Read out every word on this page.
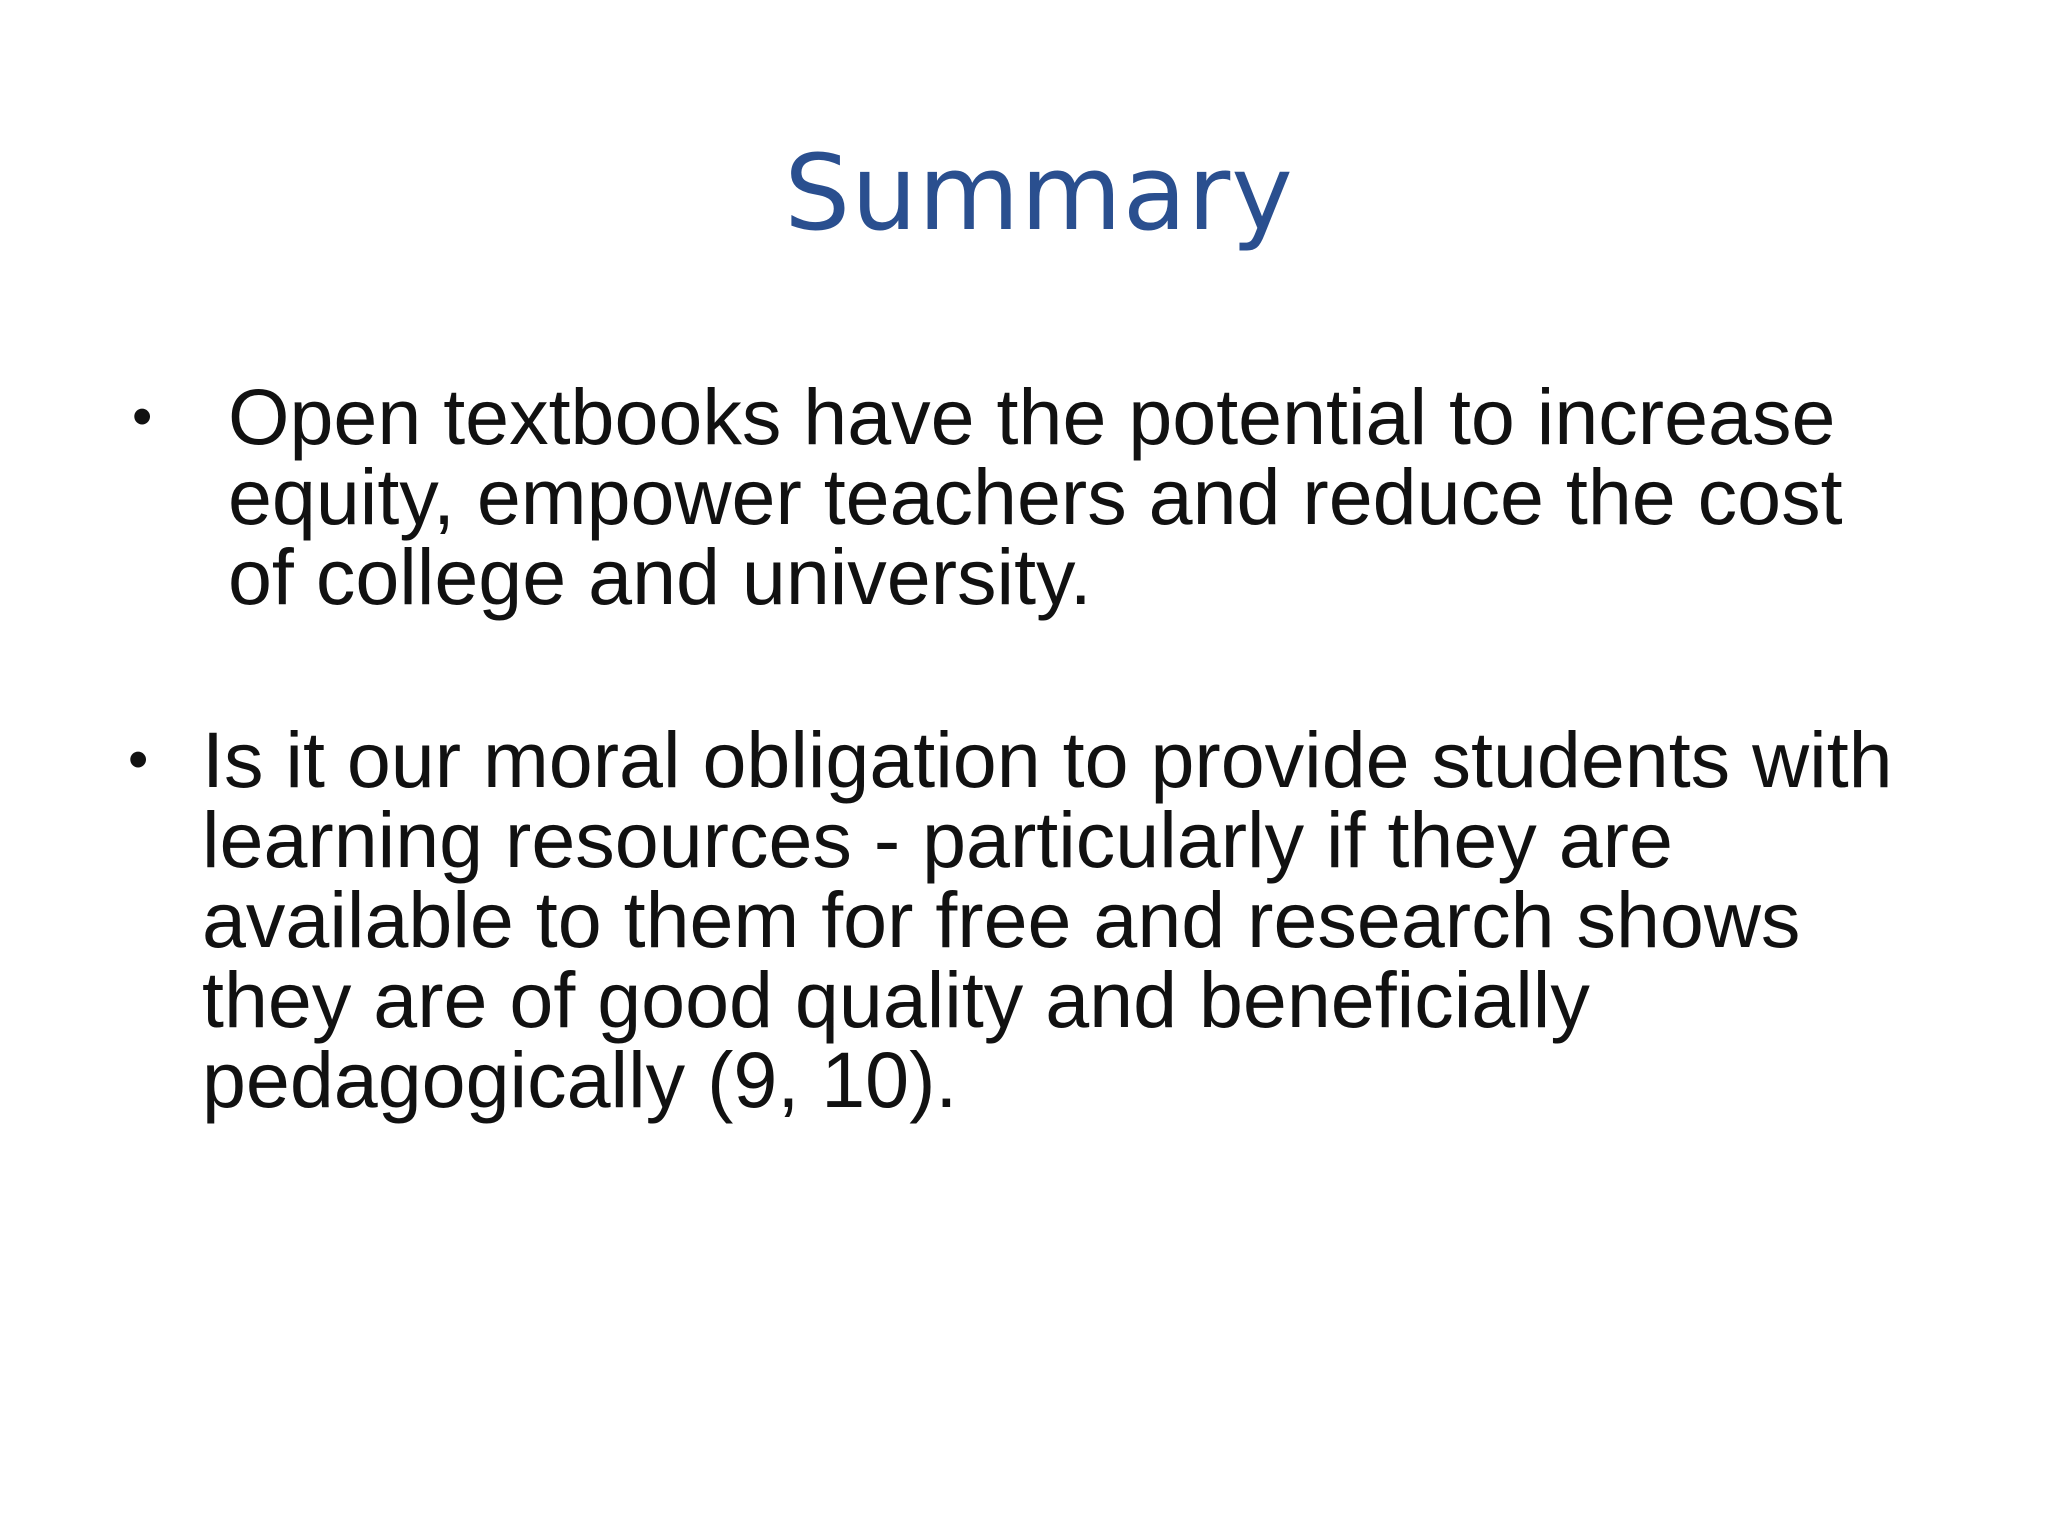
Summary
• Open textbooks have the potential to increase equity, empower teachers and reduce the cost of college and university.
• Is it our moral obligation to provide students with learning resources - particularly if they are available to them for free and research shows they are of good quality and beneficially pedagogically (9, 10).
